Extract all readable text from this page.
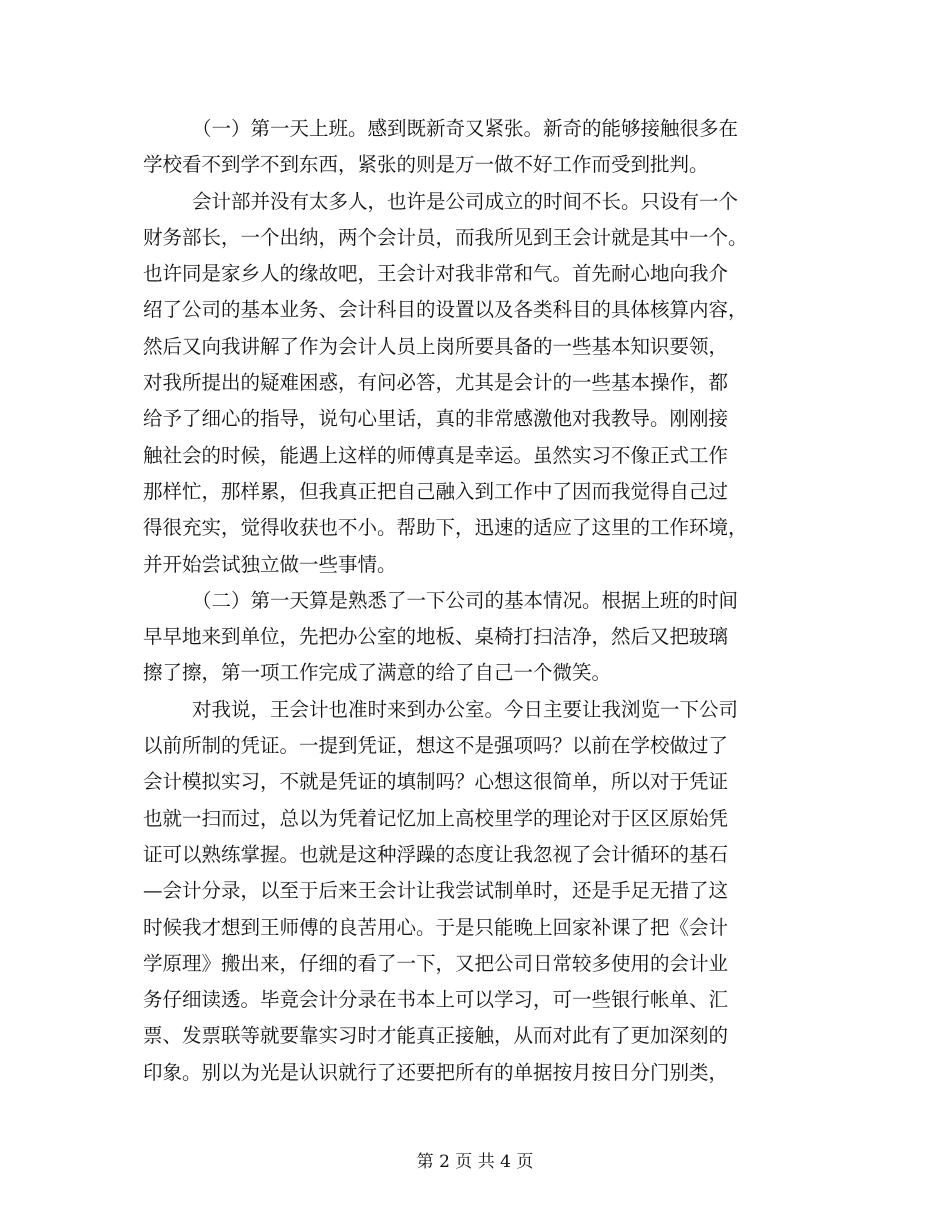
（一）第一天上班。感到既新奇又紧张。新奇的能够接触很多在
学校看不到学不到东西，紧张的则是万一做不好工作而受到批判。
会计部并没有太多人，也许是公司成立的时间不长。只设有一个
财务部长，一个出纳，两个会计员，而我所见到王会计就是其中一个。
也许同是家乡人的缘故吧，王会计对我非常和气。首先耐心地向我介
绍了公司的基本业务、会计科目的设置以及各类科目的具体核算内容，
然后又向我讲解了作为会计人员上岗所要具备的一些基本知识要领，
对我所提出的疑难困惑，有问必答，尤其是会计的一些基本操作，都
给予了细心的指导，说句心里话，真的非常感激他对我教导。刚刚接
触社会的时候，能遇上这样的师傅真是幸运。虽然实习不像正式工作
那样忙，那样累，但我真正把自己融入到工作中了因而我觉得自己过
得很充实，觉得收获也不小。帮助下，迅速的适应了这里的工作环境，
并开始尝试独立做一些事情。
（二）第一天算是熟悉了一下公司的基本情况。根据上班的时间
早早地来到单位，先把办公室的地板、桌椅打扫洁净，然后又把玻璃
擦了擦，第一项工作完成了满意的给了自己一个微笑。
对我说，王会计也准时来到办公室。今日主要让我浏览一下公司
以前所制的凭证。一提到凭证，想这不是强项吗？以前在学校做过了
会计模拟实习，不就是凭证的填制吗？心想这很简单，所以对于凭证
也就一扫而过，总以为凭着记忆加上高校里学的理论对于区区原始凭
证可以熟练掌握。也就是这种浮躁的态度让我忽视了会计循环的基石
—会计分录，以至于后来王会计让我尝试制单时，还是手足无措了这
时候我才想到王师傅的良苦用心。于是只能晚上回家补课了把《会计
学原理》搬出来，仔细的看了一下，又把公司日常较多使用的会计业
务仔细读透。毕竟会计分录在书本上可以学习，可一些银行帐单、汇
票、发票联等就要靠实习时才能真正接触，从而对此有了更加深刻的
印象。别以为光是认识就行了还要把所有的单据按月按日分门别类，
第 2 页 共 4 页
